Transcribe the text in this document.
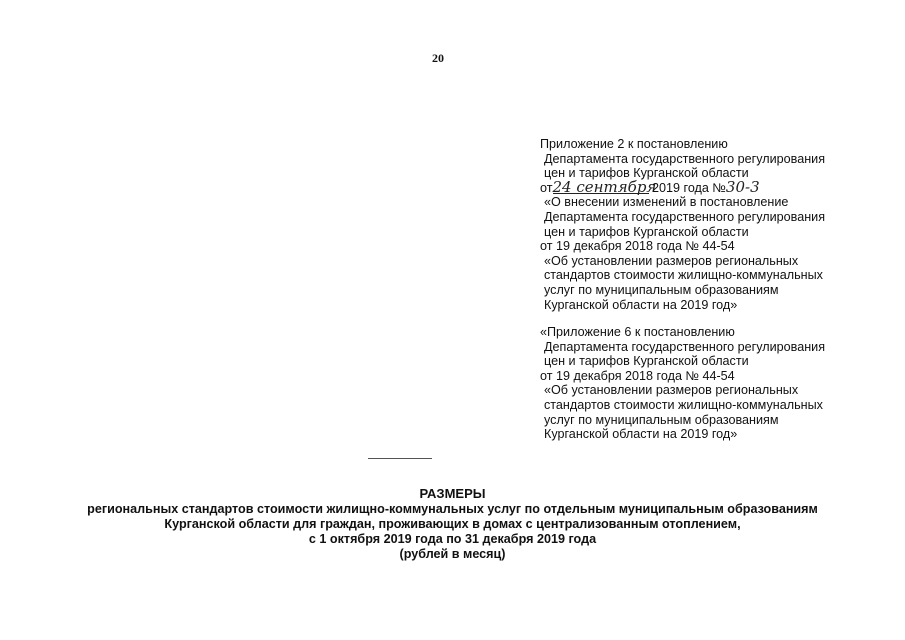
20
Приложение 2 к постановлению
Департамента государственного регулирования
цен и тарифов Курганской области
от24 сентября 2019 года №30-3
«О внесении изменений в постановление
Департамента государственного регулирования
цен и тарифов Курганской области
от 19 декабря 2018 года № 44-54
«Об установлении размеров региональных
стандартов стоимости жилищно-коммунальных
услуг по муниципальным образованиям
Курганской области на 2019 год»
«Приложение 6 к постановлению
Департамента государственного регулирования
цен и тарифов Курганской области
от 19 декабря 2018 года № 44-54
«Об установлении размеров региональных
стандартов стоимости жилищно-коммунальных
услуг по муниципальным образованиям
Курганской области на 2019 год»
РАЗМЕРЫ
региональных стандартов стоимости жилищно-коммунальных услуг по отдельным муниципальным образованиям
Курганской области для граждан, проживающих в домах с централизованным отоплением,
с 1 октября 2019 года по 31 декабря 2019 года
(рублей в месяц)
